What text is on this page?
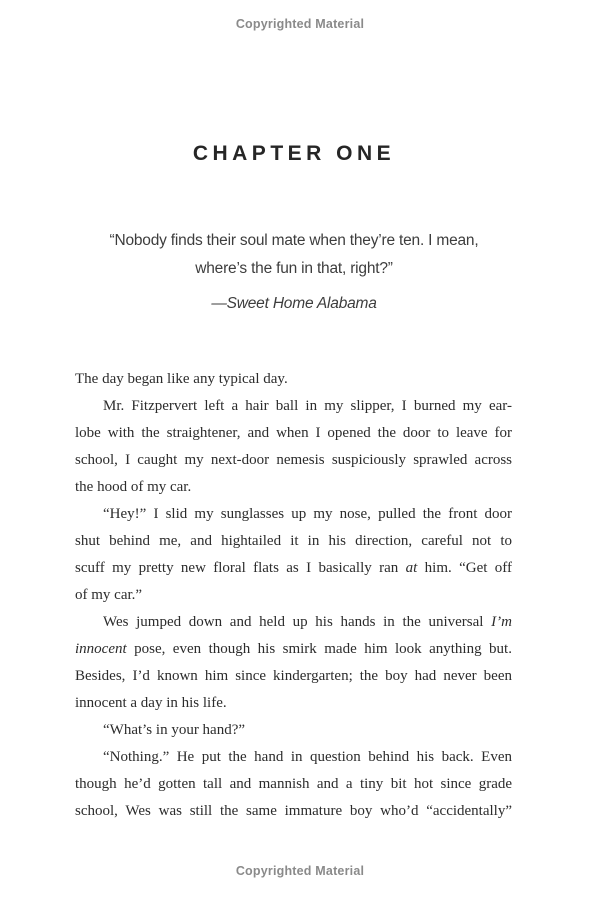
Copyrighted Material
CHAPTER ONE
“Nobody finds their soul mate when they’re ten. I mean,
where’s the fun in that, right?”
—Sweet Home Alabama
The day began like any typical day.
Mr. Fitzpervert left a hair ball in my slipper, I burned my ear-
lobe with the straightener, and when I opened the door to leave for
school, I caught my next-door nemesis suspiciously sprawled across
the hood of my car.
“Hey!” I slid my sunglasses up my nose, pulled the front door
shut behind me, and hightailed it in his direction, careful not to
scuff my pretty new floral flats as I basically ran at him. “Get off
of my car.”
Wes jumped down and held up his hands in the universal I’m
innocent pose, even though his smirk made him look anything but.
Besides, I’d known him since kindergarten; the boy had never been
innocent a day in his life.
“What’s in your hand?”
“Nothing.” He put the hand in question behind his back. Even
though he’d gotten tall and mannish and a tiny bit hot since grade
school, Wes was still the same immature boy who’d “accidentally”
Copyrighted Material
